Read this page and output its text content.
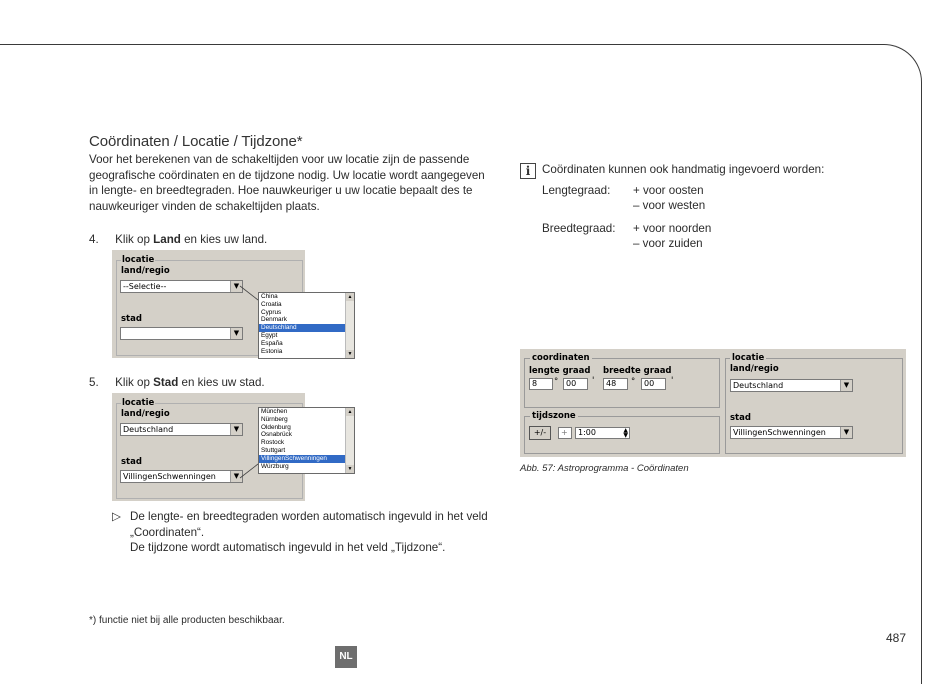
Coördinaten / Locatie / Tijdzone*
Voor het berekenen van de schakeltijden voor uw locatie zijn de passende
geografische coördinaten en de tijdzone nodig. Uw locatie wordt aangegeven
in lengte- en breedtegraden. Hoe nauwkeuriger u uw locatie bepaalt des te
nauwkeuriger vinden de schakeltijden plaats.
4. Klik op Land en kies uw land.
locatie
land/regio
--Selectie--	▼
stad
▼
China
Croatia
Cyprus
Denmark
Deutschland
Egypt
España
Estonia
▲
▼
5. Klik op Stad en kies uw stad.
locatie
land/regio
Deutschland	▼
stad
VillingenSchwenningen	▼
München
Nürnberg
Oldenburg
Osnabrück
Rostock
Stuttgart
VillingenSchwenningen
Würzburg
▲
▼
▷ De lengte- en breedtegraden worden automatisch ingevuld in het veld
„Coordinaten“.
De tijdzone wordt automatisch ingevuld in het veld „Tijdzone“.
i	Coördinaten kunnen ook handmatig ingevoerd worden:
Lengtegraad: + voor oosten
– voor westen
Breedtegraad: + voor noorden
– voor zuiden
coordinaten
lengte graad breedte graad
8	° 00	'	48	°	00	'
tijdszone
+/-	+	1:00	▲
▼
locatie
land/regio
Deutschland	▼
stad
VillingenSchwenningen	▼
Abb. 57: Astroprogramma - Coördinaten
*) functie niet bij alle producten beschikbaar.
487
NL
